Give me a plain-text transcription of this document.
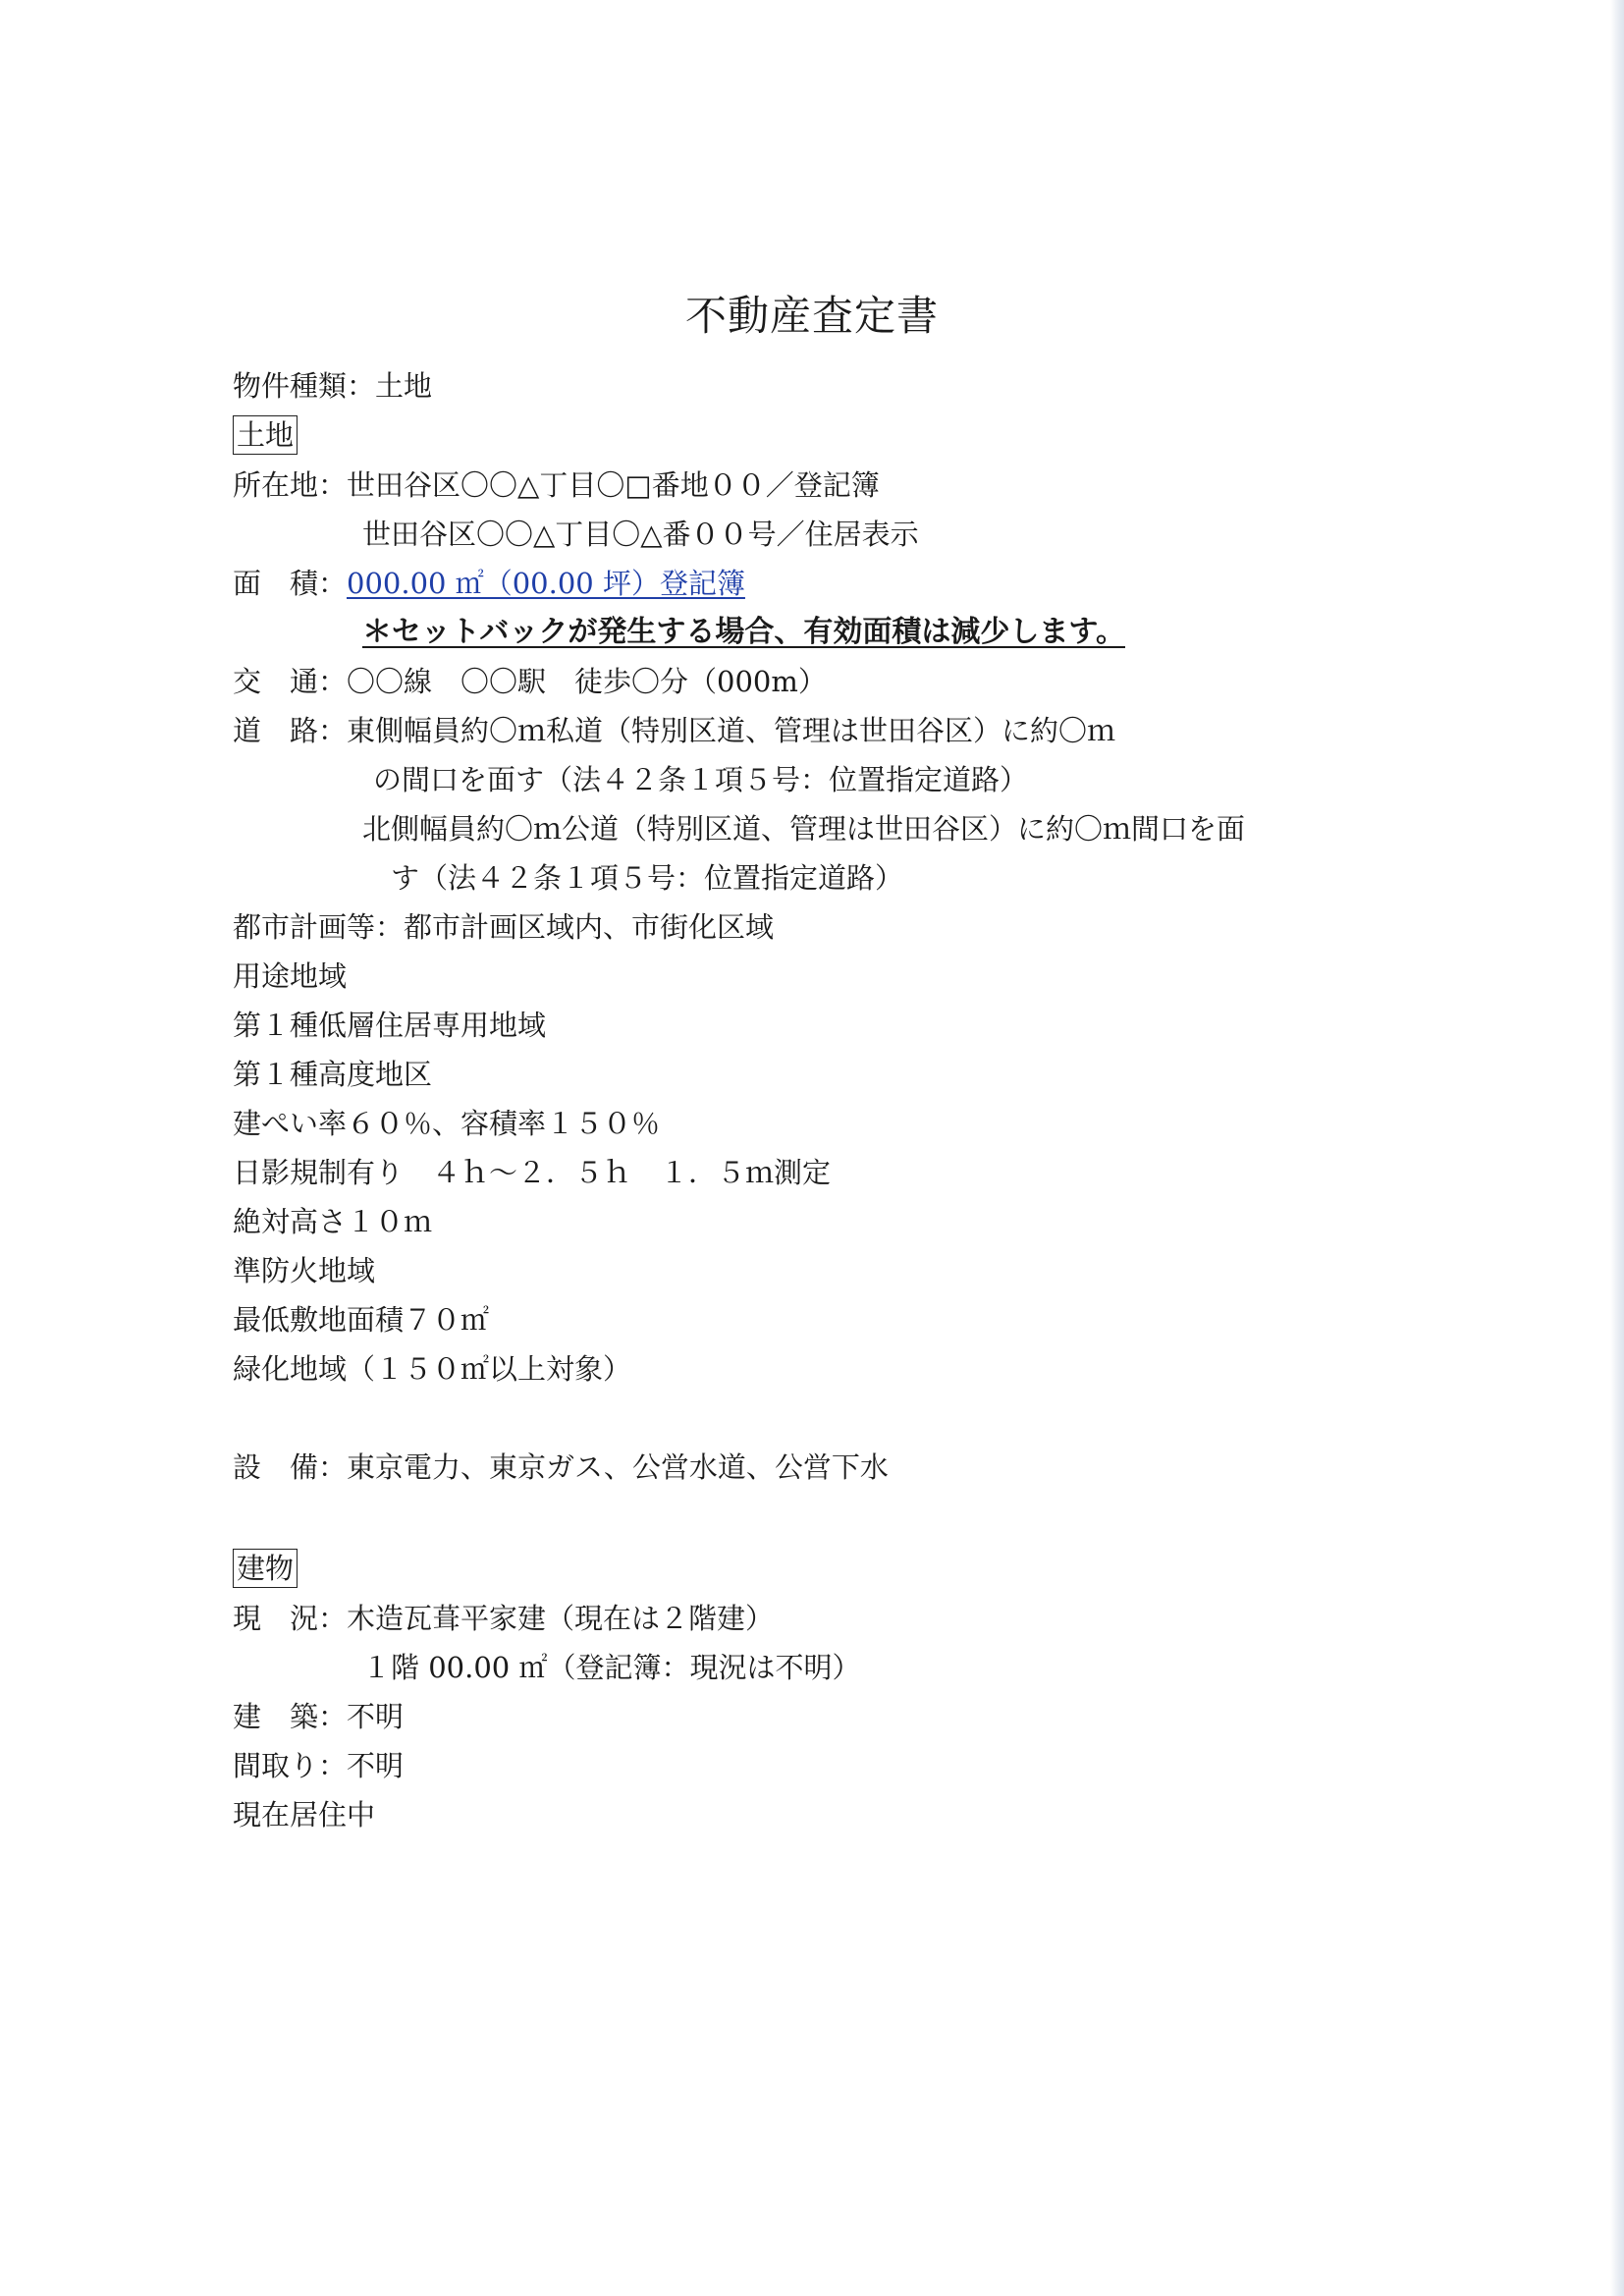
不動産査定書
物件種類：土地
土地
所在地：世田谷区〇〇△丁目〇□番地００／登記簿
世田谷区〇〇△丁目〇△番００号／住居表示
面　積：000.00 ㎡（00.00 坪）登記簿
＊セットバックが発生する場合、有効面積は減少します。
交　通：〇〇線　〇〇駅　徒歩〇分（000m）
道　路：東側幅員約〇ｍ私道（特別区道、管理は世田谷区）に約〇ｍ
の間口を面す（法４２条１項５号：位置指定道路）
北側幅員約〇ｍ公道（特別区道、管理は世田谷区）に約〇ｍ間口を面
す（法４２条１項５号：位置指定道路）
都市計画等：都市計画区域内、市街化区域
用途地域
第１種低層住居専用地域
第１種高度地区
建ぺい率６０％、容積率１５０％
日影規制有り　４ｈ～２．５ｈ　１．５ｍ測定
絶対高さ１０ｍ
準防火地域
最低敷地面積７０㎡
緑化地域（１５０㎡以上対象）
設　備：東京電力、東京ガス、公営水道、公営下水
建物
現　況：木造瓦葺平家建（現在は２階建）
１階 00.00 ㎡（登記簿：現況は不明）
建　築：不明
間取り：不明
現在居住中
